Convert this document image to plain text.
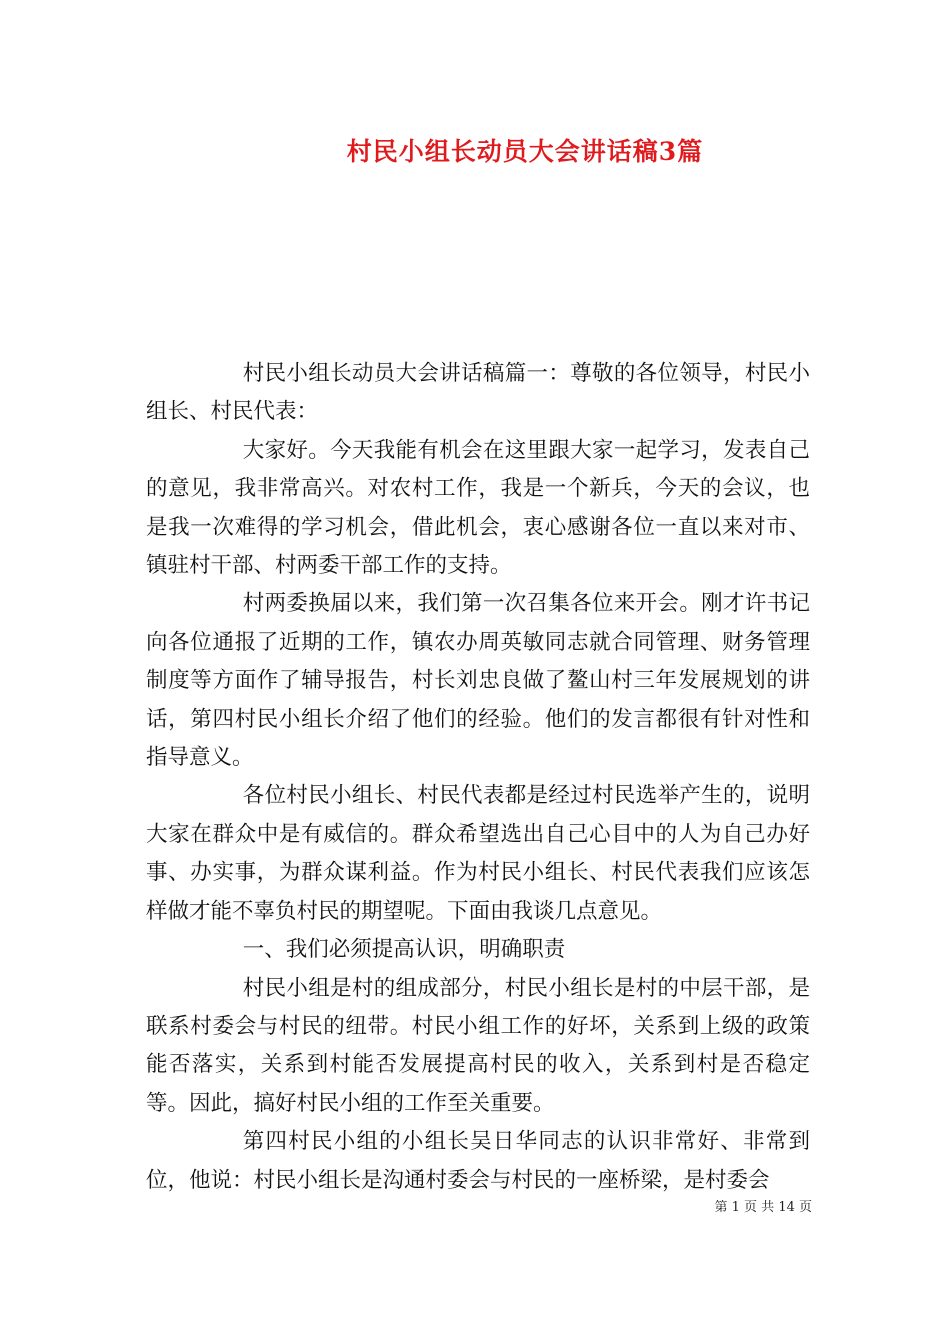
村民小组长动员大会讲话稿3篇

村民小组长动员大会讲话稿篇一：尊敬的各位领导，村民小组长、村民代表：

大家好。今天我能有机会在这里跟大家一起学习，发表自己的意见，我非常高兴。对农村工作，我是一个新兵，今天的会议，也是我一次难得的学习机会，借此机会，衷心感谢各位一直以来对市、镇驻村干部、村两委干部工作的支持。

村两委换届以来，我们第一次召集各位来开会。刚才许书记向各位通报了近期的工作，镇农办周英敏同志就合同管理、财务管理制度等方面作了辅导报告，村长刘忠良做了鳌山村三年发展规划的讲话，第四村民小组长介绍了他们的经验。他们的发言都很有针对性和指导意义。

各位村民小组长、村民代表都是经过村民选举产生的，说明大家在群众中是有威信的。群众希望选出自己心目中的人为自己办好事、办实事，为群众谋利益。作为村民小组长、村民代表我们应该怎样做才能不辜负村民的期望呢。下面由我谈几点意见。

一、我们必须提高认识，明确职责

村民小组是村的组成部分，村民小组长是村的中层干部，是联系村委会与村民的纽带。村民小组工作的好坏，关系到上级的政策能否落实，关系到村能否发展提高村民的收入，关系到村是否稳定等。因此，搞好村民小组的工作至关重要。

第四村民小组的小组长吴日华同志的认识非常好、非常到位，他说：村民小组长是沟通村委会与村民的一座桥梁，是村委会

第 1 页 共 14 页
